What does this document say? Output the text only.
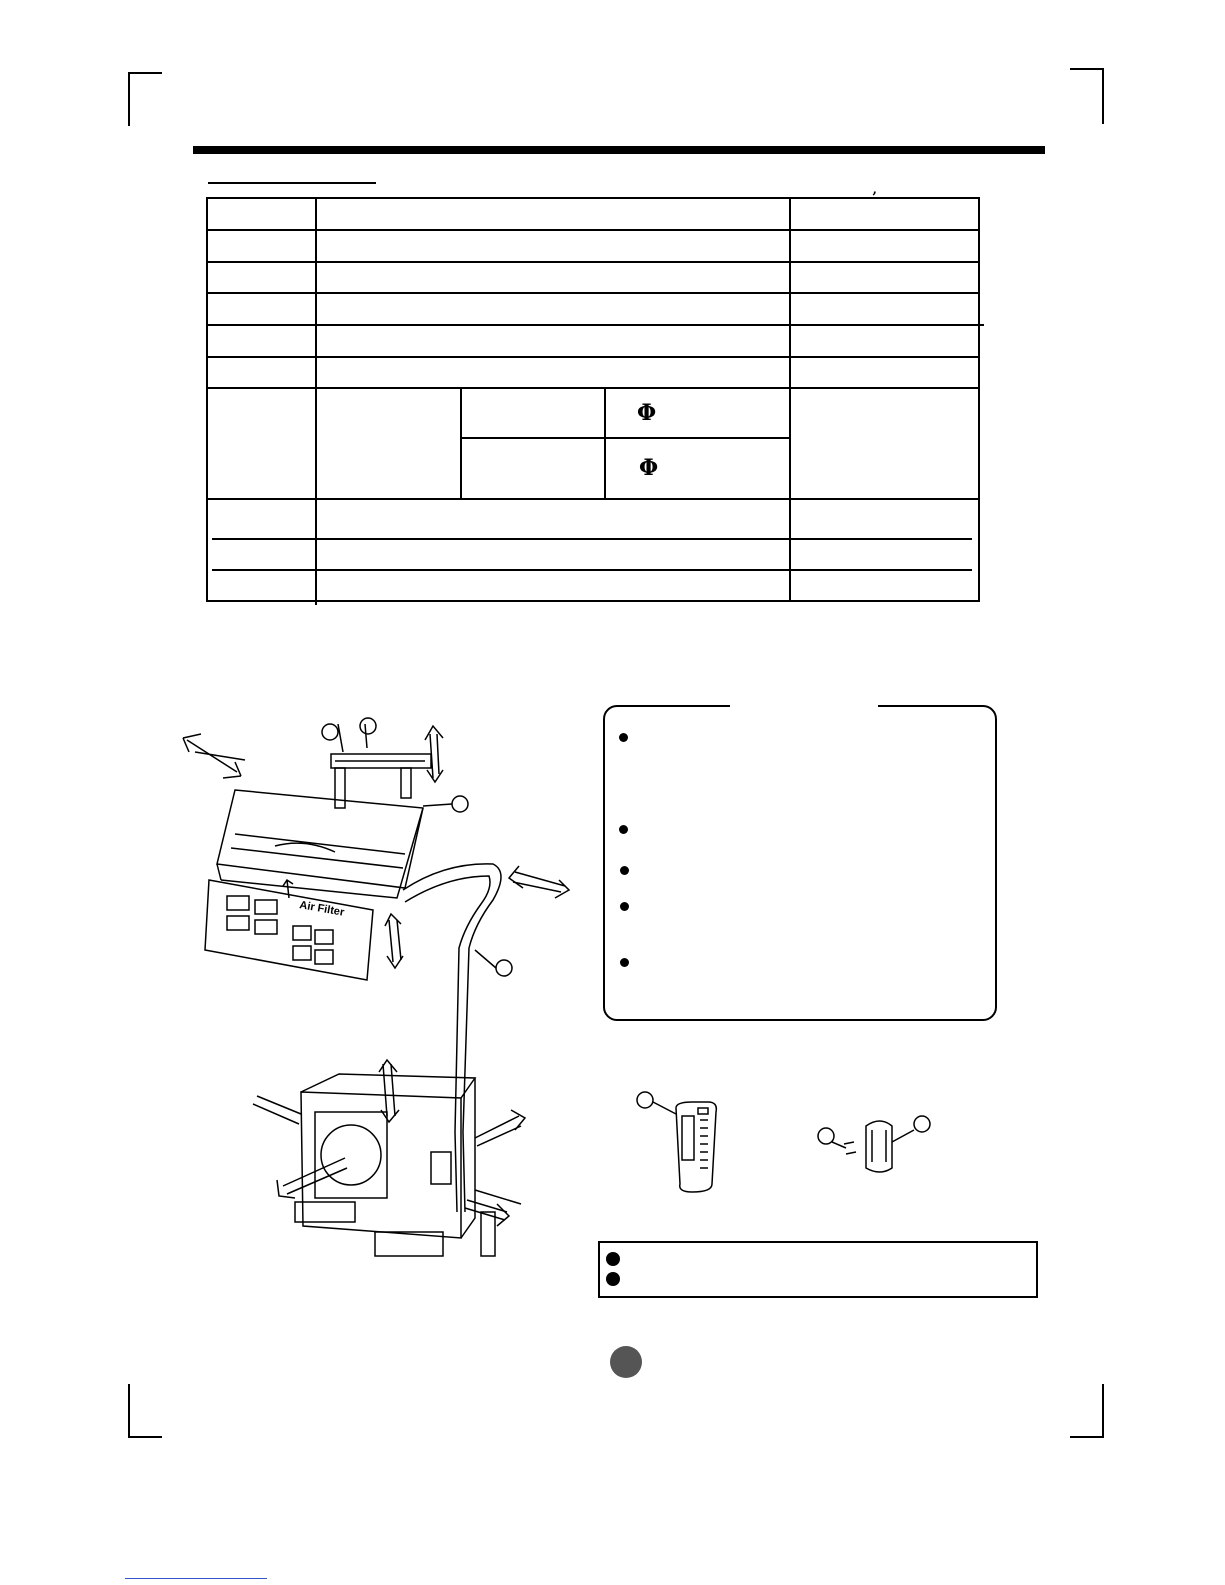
’
Φ
Φ
Air Filter
